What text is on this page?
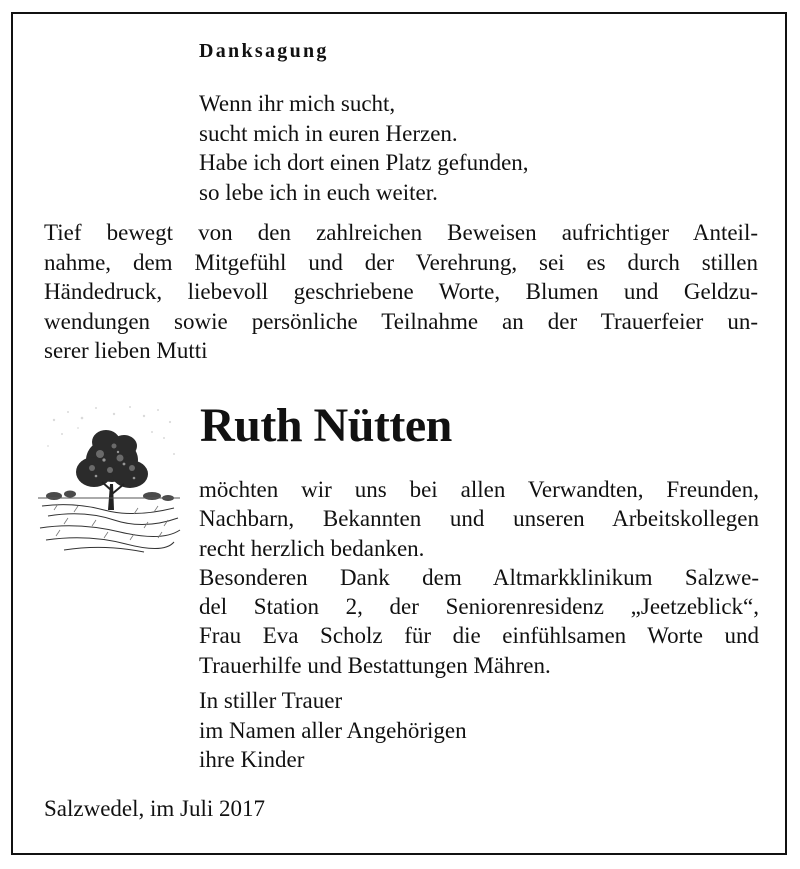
Danksagung
Wenn ihr mich sucht,
sucht mich in euren Herzen.
Habe ich dort einen Platz gefunden,
so lebe ich in euch weiter.
Tief bewegt von den zahlreichen Beweisen aufrichtiger Anteil-
nahme, dem Mitgefühl und der Verehrung, sei es durch stillen
Händedruck, liebevoll geschriebene Worte, Blumen und Geldzu-
wendungen sowie persönliche Teilnahme an der Trauerfeier un-
serer lieben Mutti
Ruth Nütten
möchten wir uns bei allen Verwandten, Freunden,
Nachbarn, Bekannten und unseren Arbeitskollegen
recht herzlich bedanken.
Besonderen Dank dem Altmarkklinikum Salzwe-
del Station 2, der Seniorenresidenz „Jeetzeblick“,
Frau Eva Scholz für die einfühlsamen Worte und
Trauerhilfe und Bestattungen Mähren.
In stiller Trauer
im Namen aller Angehörigen
ihre Kinder
Salzwedel, im Juli 2017
